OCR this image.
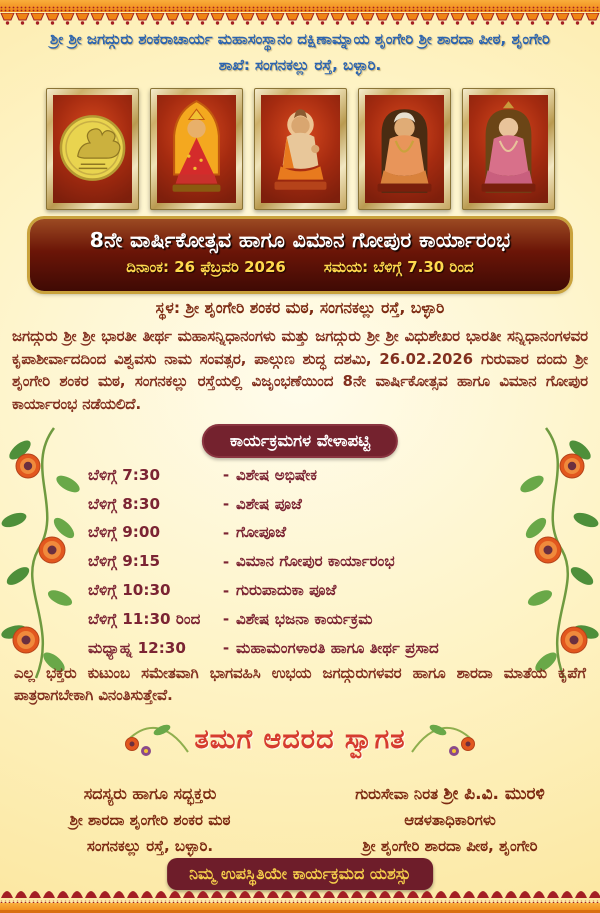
ಶ್ರೀ ಶ್ರೀ ಜಗದ್ಗುರು ಶಂಕರಾಚಾರ್ಯ ಮಹಾಸಂಸ್ಥಾನಂ ದಕ್ಷಿಣಾಮ್ನಾಯ ಶೃಂಗೇರಿ ಶ್ರೀ ಶಾರದಾ ಪೀಠ, ಶೃಂಗೇರಿ
ಶಾಖೆ: ಸಂಗನಕಲ್ಲು ರಸ್ತೆ, ಬಳ್ಳಾರಿ.
8ನೇ ವಾರ್ಷಿಕೋತ್ಸವ ಹಾಗೂ ವಿಮಾನ ಗೋಪುರ ಕಾರ್ಯಾರಂಭ
ದಿನಾಂಕ: 26 ಫೆಬ್ರವರಿ 2026	ಸಮಯ: ಬೆಳಿಗ್ಗೆ 7.30 ರಿಂದ
ಸ್ಥಳ: ಶ್ರೀ ಶೃಂಗೇರಿ ಶಂಕರ ಮಠ, ಸಂಗನಕಲ್ಲು ರಸ್ತೆ, ಬಳ್ಳಾರಿ
ಜಗದ್ಗುರು ಶ್ರೀ ಶ್ರೀ ಭಾರತೀ ತೀರ್ಥ ಮಹಾಸನ್ನಿಧಾನಂಗಳು ಮತ್ತು ಜಗದ್ಗುರು ಶ್ರೀ ಶ್ರೀ ವಿಧುಶೇಖರ ಭಾರತೀ ಸನ್ನಿಧಾನಂಗಳವರ ಕೃಪಾಶೀರ್ವಾದದಿಂದ ವಿಶ್ವವಸು ನಾಮ ಸಂವತ್ಸರ, ಪಾಲ್ಗುಣ ಶುದ್ಧ ದಶಮಿ, 26.02.2026 ಗುರುವಾರ ದಂದು ಶ್ರೀ ಶೃಂಗೇರಿ ಶಂಕರ ಮಠ, ಸಂಗನಕಲ್ಲು ರಸ್ತೆಯಲ್ಲಿ ವಿಜೃಂಭಣೆಯಿಂದ 8ನೇ ವಾರ್ಷಿಕೋತ್ಸವ ಹಾಗೂ ವಿಮಾನ ಗೋಪುರ ಕಾರ್ಯಾರಂಭ ನಡೆಯಲಿದೆ.
ಕಾರ್ಯಕ್ರಮಗಳ ವೇಳಾಪಟ್ಟಿ
ಬೆಳಿಗ್ಗೆ 7:30	- ವಿಶೇಷ ಅಭಿಷೇಕ
ಬೆಳಿಗ್ಗೆ 8:30	- ವಿಶೇಷ ಪೂಜೆ
ಬೆಳಿಗ್ಗೆ 9:00	- ಗೋಪೂಜೆ
ಬೆಳಿಗ್ಗೆ 9:15	- ವಿಮಾನ ಗೋಪುರ ಕಾರ್ಯಾರಂಭ
ಬೆಳಿಗ್ಗೆ 10:30	- ಗುರುಪಾದುಕಾ ಪೂಜೆ
ಬೆಳಿಗ್ಗೆ 11:30 ರಿಂದ	- ವಿಶೇಷ ಭಜನಾ ಕಾರ್ಯಕ್ರಮ
ಮಧ್ಯಾಹ್ನ 12:30	- ಮಹಾಮಂಗಳಾರತಿ ಹಾಗೂ ತೀರ್ಥ ಪ್ರಸಾದ
ಎಲ್ಲ ಭಕ್ತರು ಕುಟುಂಬ ಸಮೇತವಾಗಿ ಭಾಗವಹಿಸಿ ಉಭಯ ಜಗದ್ಗುರುಗಳವರ ಹಾಗೂ ಶಾರದಾ ಮಾತೆಯ ಕೃಪೆಗೆ ಪಾತ್ರರಾಗಬೇಕಾಗಿ ವಿನಂತಿಸುತ್ತೇವೆ.
ತಮಗೆ ಆದರದ ಸ್ವಾಗತ
ಸದಸ್ಯರು ಹಾಗೂ ಸದ್ಭಕ್ತರು
ಶ್ರೀ ಶಾರದಾ ಶೃಂಗೇರಿ ಶಂಕರ ಮಠ
ಸಂಗನಕಲ್ಲು ರಸ್ತೆ, ಬಳ್ಳಾರಿ.
ಗುರುಸೇವಾ ನಿರತ ಶ್ರೀ ಪಿ.ವಿ. ಮುರಳಿ
ಆಡಳತಾಧಿಕಾರಿಗಳು
ಶ್ರೀ ಶೃಂಗೇರಿ ಶಾರದಾ ಪೀಠ, ಶೃಂಗೇರಿ
ನಿಮ್ಮ ಉಪಸ್ಥಿತಿಯೇ ಕಾರ್ಯಕ್ರಮದ ಯಶಸ್ಸು
